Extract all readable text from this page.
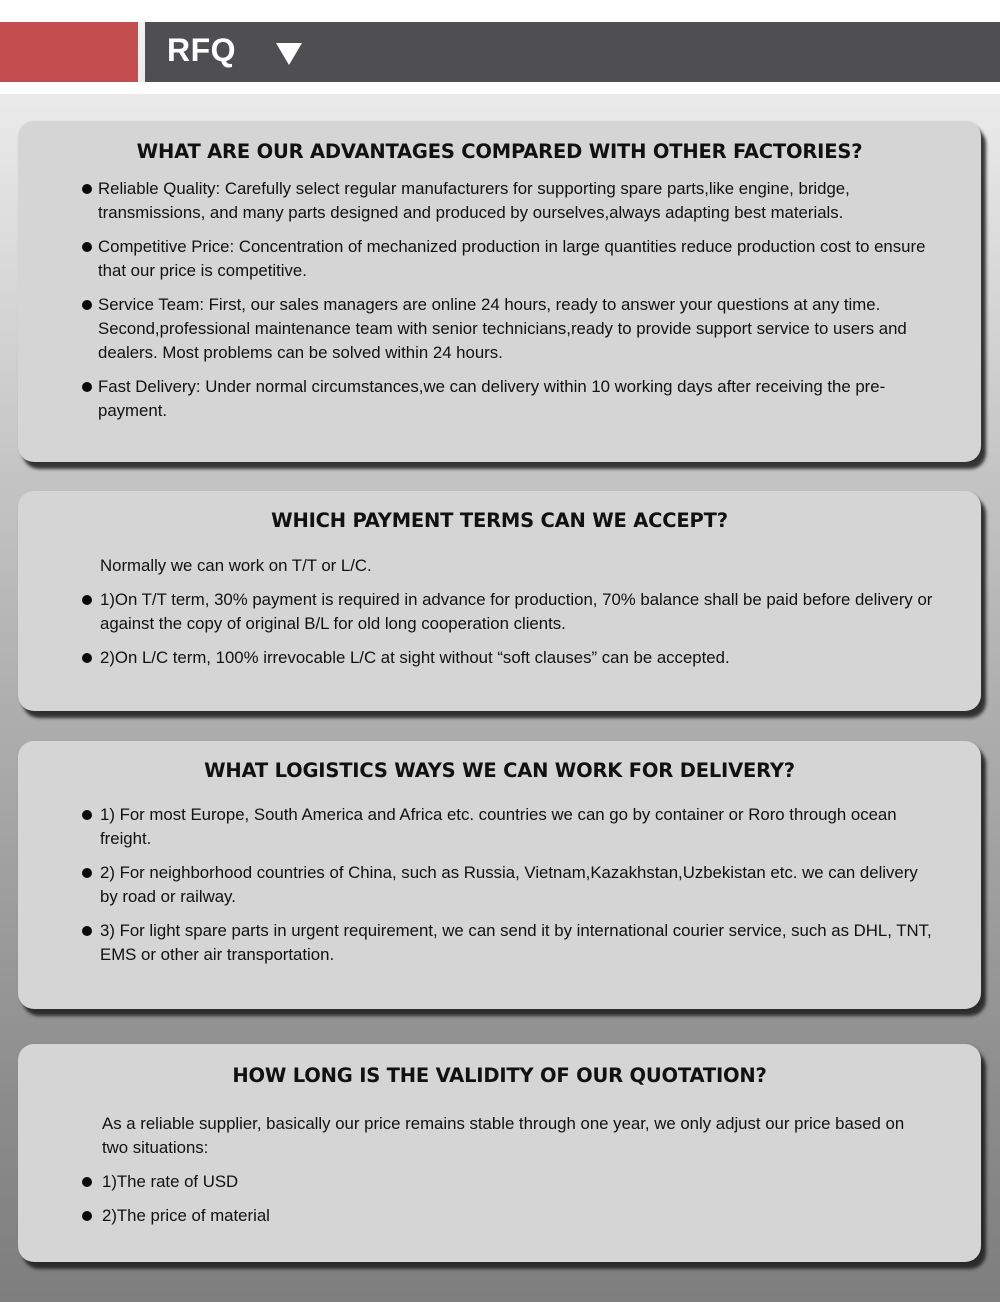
RFQ
WHAT ARE OUR ADVANTAGES COMPARED WITH OTHER FACTORIES?
Reliable Quality: Carefully select regular manufacturers for supporting spare parts,like engine, bridge, transmissions, and many parts designed and produced by ourselves,always adapting best materials.
Competitive Price: Concentration of mechanized production in large quantities reduce production cost to ensure that our price is competitive.
Service Team: First, our sales managers are online 24 hours, ready to answer your questions at any time. Second,professional maintenance team with senior technicians,ready to provide support service to users and dealers. Most problems can be solved within 24 hours.
Fast Delivery: Under normal circumstances,we can delivery within 10 working days after receiving the pre-payment.
WHICH PAYMENT TERMS CAN WE ACCEPT?
Normally we can work on T/T or L/C.
1)On T/T term, 30% payment is required in advance for production, 70% balance shall be paid before delivery or against the copy of original B/L for old long cooperation clients.
2)On L/C term, 100% irrevocable L/C at sight without “soft clauses” can be accepted.
WHAT LOGISTICS WAYS WE CAN WORK FOR DELIVERY?
1) For most Europe, South America and Africa etc. countries we can go by container or Roro through ocean freight.
2) For neighborhood countries of China, such as Russia, Vietnam,Kazakhstan,Uzbekistan etc. we can delivery by road or railway.
3) For light spare parts in urgent requirement, we can send it by international courier service, such as DHL, TNT, EMS or other air transportation.
HOW LONG IS THE VALIDITY OF OUR QUOTATION?
As a reliable supplier, basically our price remains stable through one year, we only adjust our price based on two situations:
1)The rate of USD
2)The price of material
